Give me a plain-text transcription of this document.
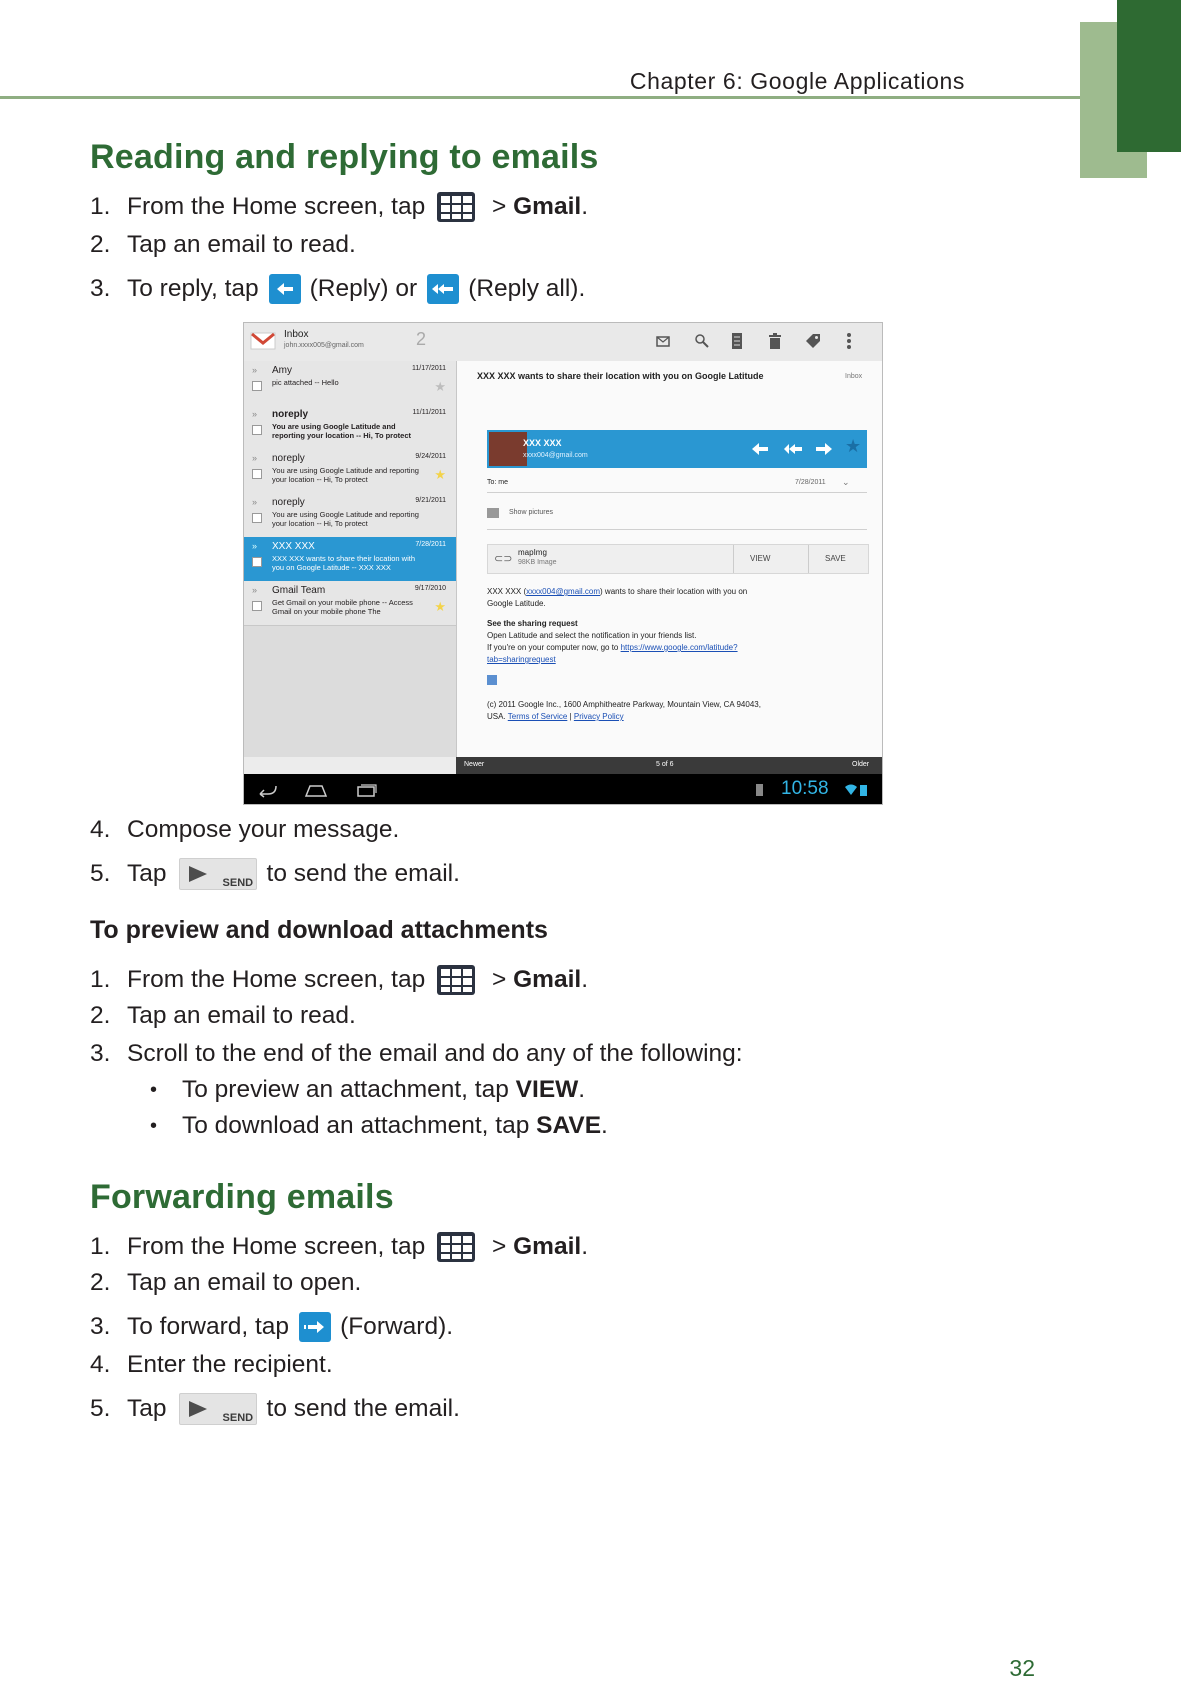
Chapter 6: Google Applications
Reading and replying to emails
1. From the Home screen, tap > Gmail .
2. Tap an email to read.
3. To reply, tap (Reply) or (Reply all).
Inbox
john.xxxx005@gmail.com	2
» Amy
pic attached -- Hello
11/17/2011
★
» noreply
You are using Google Latitude and reporting your location -- Hi, To protect
11/11/2011
» noreply
You are using Google Latitude and reporting your location -- Hi, To protect
9/24/2011
★
» noreply
You are using Google Latitude and reporting your location -- Hi, To protect
9/21/2011
» XXX XXX
XXX XXX wants to share their location with you on Google Latitude -- XXX XXX
7/28/2011
» Gmail Team
Get Gmail on your mobile phone -- Access Gmail on your mobile phone The
9/17/2010
★
XXX XXX wants to share their location with you on Google Latitude	Inbox
XXX XXX
xxxx004@gmail.com	★
To: me	7/28/2011 ⌄
Show pictures
⊂⊃
mapImg
98KB Image	VIEW	SAVE
XXX XXX (xxxx004@gmail.com) wants to share their location with you on
Google Latitude.
See the sharing request
Open Latitude and select the notification in your friends list.
If you're on your computer now, go to https://www.google.com/latitude?
tab=sharingrequest
(c) 2011 Google Inc., 1600 Amphitheatre Parkway, Mountain View, CA 94043,
USA. Terms of Service | Privacy Policy
Newer	5 of 6	Older
10:58
4. Compose your message.
5. Tap	SEND to send the email.
To preview and download attachments
1. From the Home screen, tap > Gmail .
2. Tap an email to read.
3. Scroll to the end of the email and do any of the following:
•	To preview an attachment, tap VIEW .
•	To download an attachment, tap SAVE .
Forwarding emails
1. From the Home screen, tap > Gmail .
2. Tap an email to open.
3. To forward, tap (Forward).
4. Enter the recipient.
5. Tap	SEND to send the email.
32
